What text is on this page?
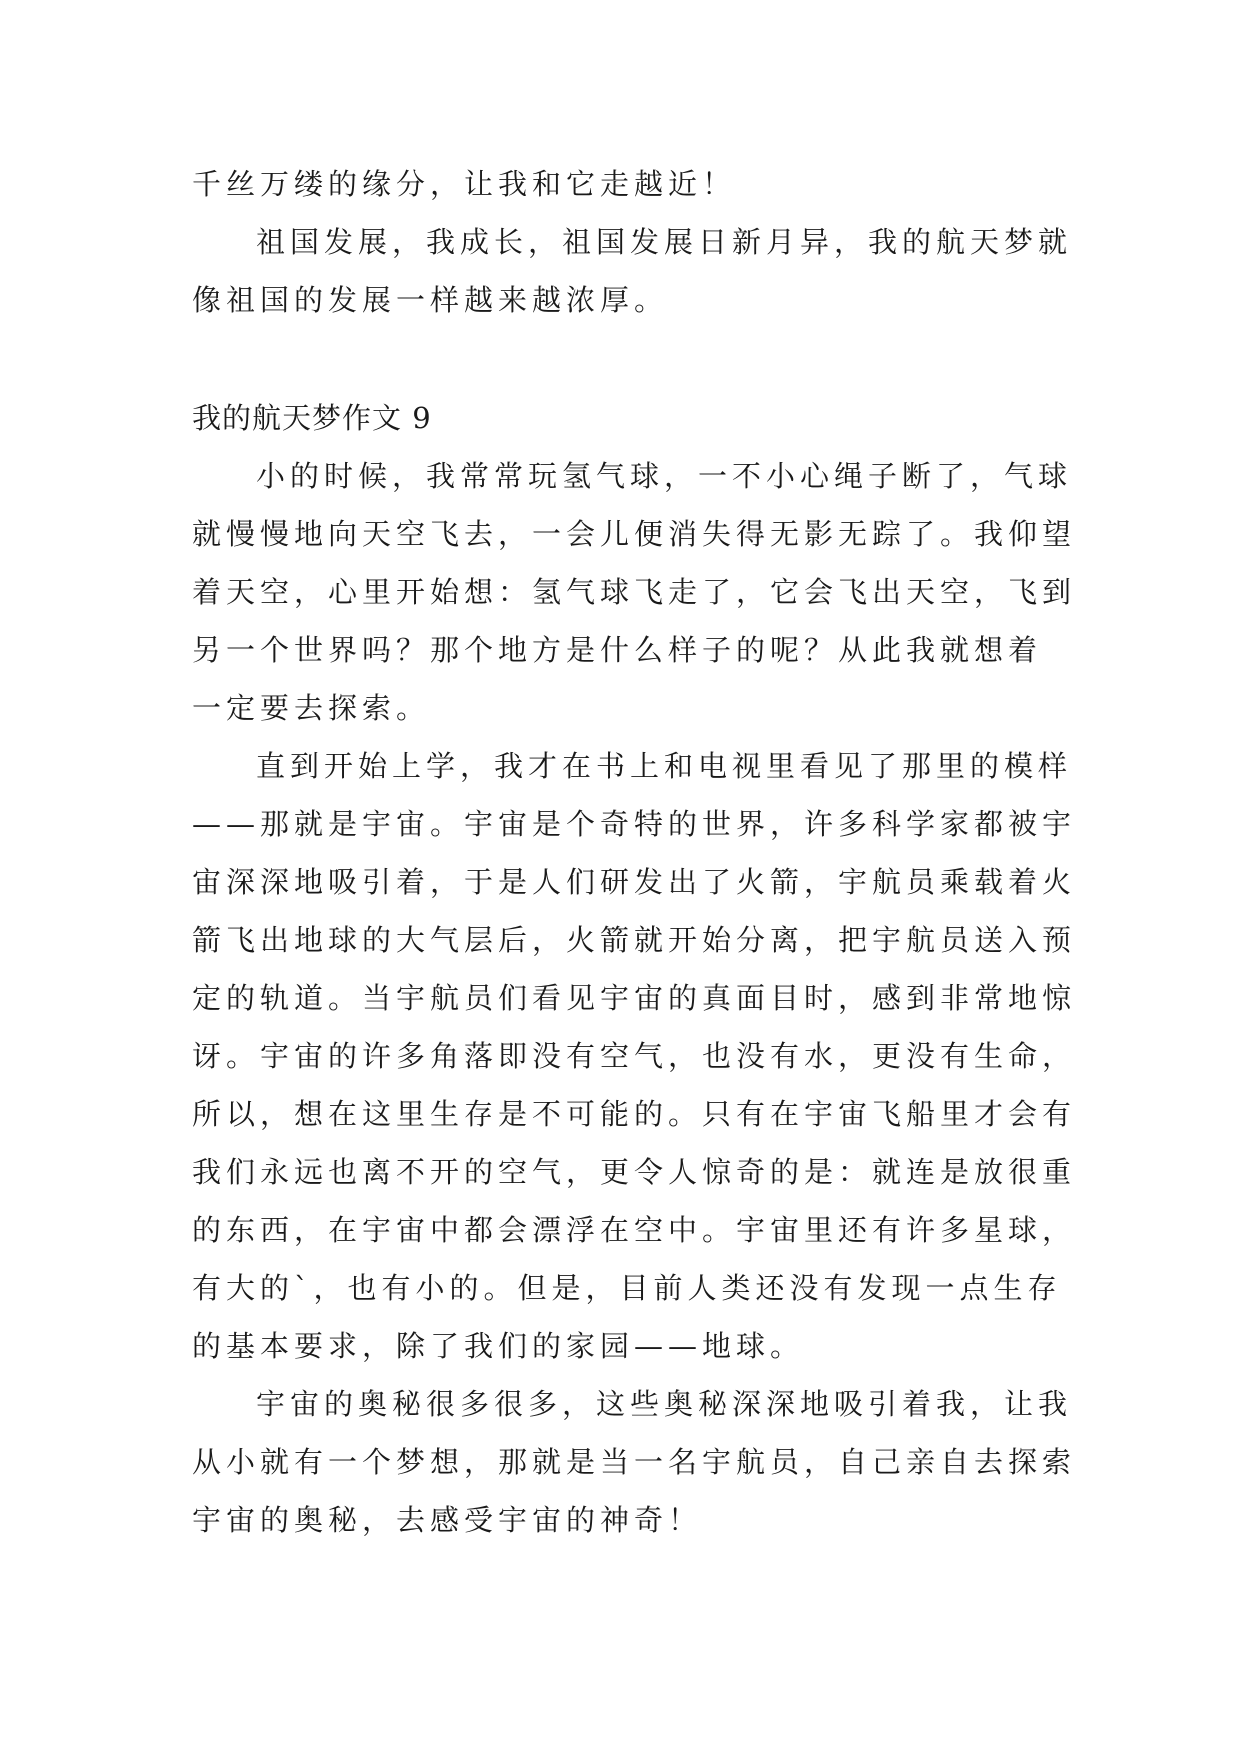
千丝万缕的缘分，让我和它走越近！
祖国发展，我成长，祖国发展日新月异，我的航天梦就
像祖国的发展一样越来越浓厚。
我的航天梦作文 9
小的时候，我常常玩氢气球，一不小心绳子断了，气球
就慢慢地向天空飞去，一会儿便消失得无影无踪了。我仰望
着天空，心里开始想：氢气球飞走了，它会飞出天空，飞到
另一个世界吗？那个地方是什么样子的呢？从此我就想着
一定要去探索。
直到开始上学，我才在书上和电视里看见了那里的模样
——那就是宇宙。宇宙是个奇特的世界，许多科学家都被宇
宙深深地吸引着，于是人们研发出了火箭，宇航员乘载着火
箭飞出地球的大气层后，火箭就开始分离，把宇航员送入预
定的轨道。当宇航员们看见宇宙的真面目时，感到非常地惊
讶。宇宙的许多角落即没有空气，也没有水，更没有生命，
所以，想在这里生存是不可能的。只有在宇宙飞船里才会有
我们永远也离不开的空气，更令人惊奇的是：就连是放很重
的东西，在宇宙中都会漂浮在空中。宇宙里还有许多星球，
有大的`，也有小的。但是，目前人类还没有发现一点生存
的基本要求，除了我们的家园——地球。
宇宙的奥秘很多很多，这些奥秘深深地吸引着我，让我
从小就有一个梦想，那就是当一名宇航员，自己亲自去探索
宇宙的奥秘，去感受宇宙的神奇！
